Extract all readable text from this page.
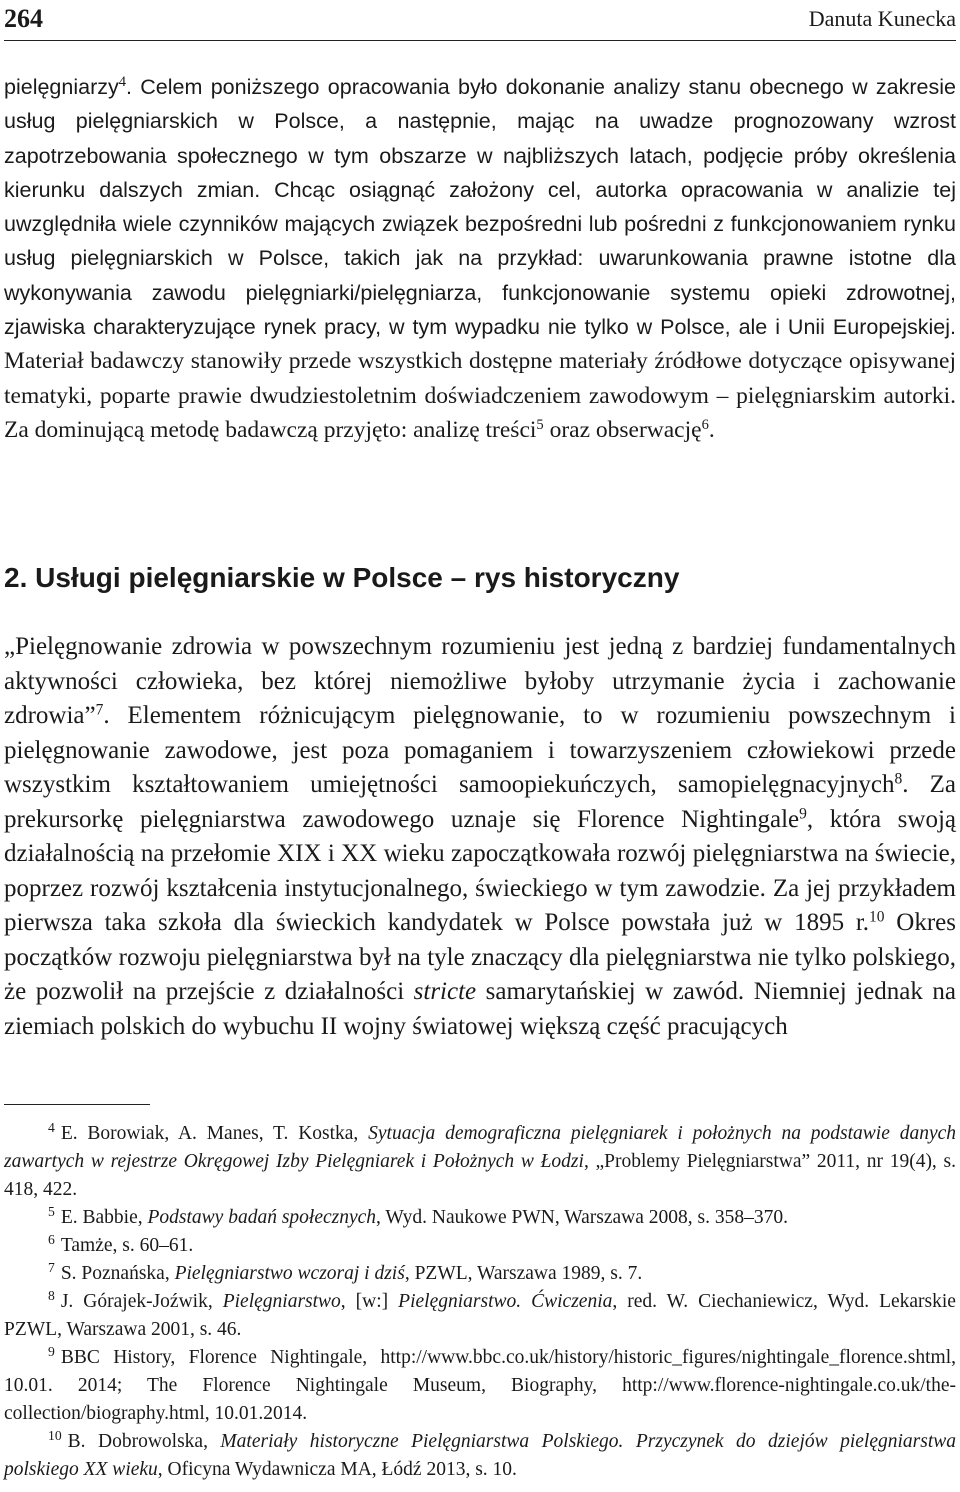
264	Danuta Kunecka

pielęgniarzy$^4$. Celem poniższego opracowania było dokonanie analizy stanu obecnego w zakresie usług pielęgniarskich w Polsce, a następnie, mając na uwadze prognozowany wzrost zapotrzebowania społecznego w tym obszarze w najbliższych latach, podjęcie próby określenia kierunku dalszych zmian. Chcąc osiągnąć założony cel, autorka opracowania w analizie tej uwzględniła wiele czynników mających związek bezpośredni lub pośredni z funkcjonowaniem rynku usług pielęgniarskich w Polsce, takich jak na przykład: uwarunkowania prawne istotne dla wykonywania zawodu pielęgniarki/pielęgniarza, funkcjonowanie systemu opieki zdrowotnej, zjawiska charakteryzujące rynek pracy, w tym wypadku nie tylko w Polsce, ale i Unii Europejskiej. Materiał badawczy stanowiły przede wszystkich dostępne materiały źródłowe dotyczące opisywanej tematyki, poparte prawie dwudziestoletnim doświadczeniem zawodowym – pielęgniarskim autorki. Za dominującą metodę badawczą przyjęto: analizę treści$^5$ oraz obserwację$^6$.

2. Usługi pielęgniarskie w Polsce – rys historyczny

„Pielęgnowanie zdrowia w powszechnym rozumieniu jest jedną z bardziej fundamentalnych aktywności człowieka, bez której niemożliwe byłoby utrzymanie życia i zachowanie zdrowia”$^7$. Elementem różnicującym pielęgnowanie, to w rozumieniu powszechnym i pielęgnowanie zawodowe, jest poza pomaganiem i towarzyszeniem człowiekowi przede wszystkim kształtowaniem umiejętności samoopiekuńczych, samopielęgnacyjnych$^8$. Za prekursorkę pielęgniarstwa zawodowego uznaje się Florence Nightingale$^9$, która swoją działalnością na przełomie XIX i XX wieku zapoczątkowała rozwój pielęgniarstwa na świecie, poprzez rozwój kształcenia instytucjonalnego, świeckiego w tym zawodzie. Za jej przykładem pierwsza taka szkoła dla świeckich kandydatek w Polsce powstała już w 1895 r.$^{10}$ Okres początków rozwoju pielęgniarstwa był na tyle znaczący dla pielęgniarstwa nie tylko polskiego, że pozwolił na przejście z działalności stricte samarytańskiej w zawód. Niemniej jednak na ziemiach polskich do wybuchu II wojny światowej większą część pracujących

$^4$ E. Borowiak, A. Manes, T. Kostka, Sytuacja demograficzna pielęgniarek i położnych na podstawie danych zawartych w rejestrze Okręgowej Izby Pielęgniarek i Położnych w Łodzi, „Problemy Pielęgniarstwa” 2011, nr 19(4), s. 418, 422.

$^5$ E. Babbie, Podstawy badań społecznych, Wyd. Naukowe PWN, Warszawa 2008, s. 358–370.

$^6$ Tamże, s. 60–61.

$^7$ S. Poznańska, Pielęgniarstwo wczoraj i dziś, PZWL, Warszawa 1989, s. 7.

$^8$ J. Górajek-Joźwik, Pielęgniarstwo, [w:] Pielęgniarstwo. Ćwiczenia, red. W. Ciechaniewicz, Wyd. Lekarskie PZWL, Warszawa 2001, s. 46.

$^9$ BBC History, Florence Nightingale, http://www.bbc.co.uk/history/historic_figures/nightingale_florence.shtml, 10.01. 2014; The Florence Nightingale Museum, Biography, http://www.florence-nightingale.co.uk/the-collection/biography.html, 10.01.2014.

$^{10}$ B. Dobrowolska, Materiały historyczne Pielęgniarstwa Polskiego. Przyczynek do dziejów pielęgniarstwa polskiego XX wieku, Oficyna Wydawnicza MA, Łódź 2013, s. 10.
